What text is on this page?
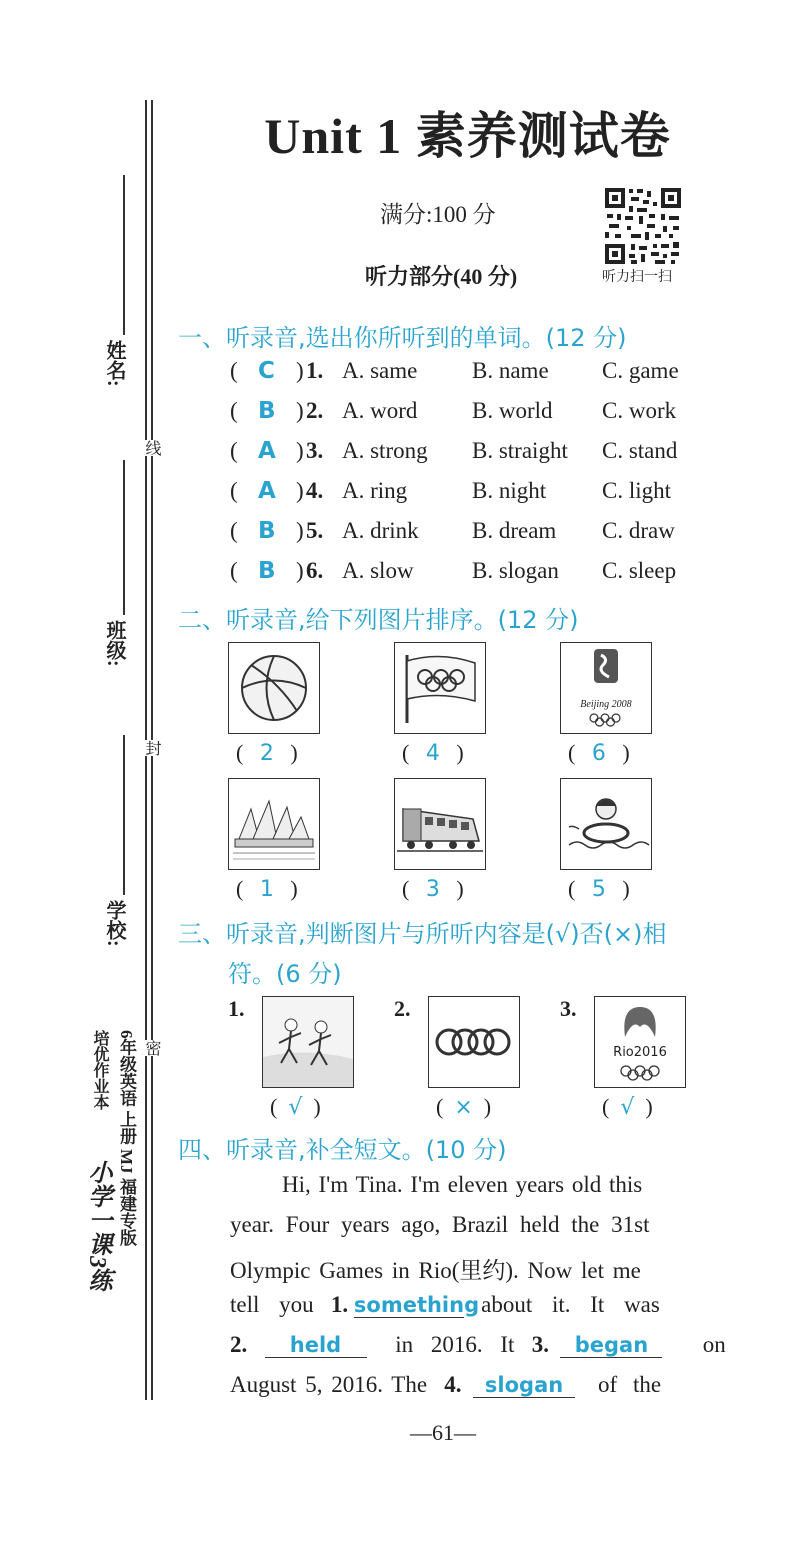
线
封
密
姓名:
班级:
学校:
6年级英语 上册 MJ 福建专版
培优作业本
小学一课3练
Unit 1 素养测试卷
满分:100 分
听力部分(40 分)	听力扫一扫
一、听录音,选出你所听到的单词。(12 分)
( C ) 1. A. same B. name C. game
( B ) 2. A. word B. world C. work
( A ) 3. A. strong B. straight C. stand
( A ) 4. A. ring	B. night C. light
( B ) 5. A. drink B. dream C. draw
( B ) 6. A. slow	B. slogan C. sleep
二、听录音,给下列图片排序。(12 分)
Beijing 2008
(   2   )	(   4   )	(   6   )
(   1   )	(   3   )	(   5   )
三、听录音,判断图片与所听内容是(√)否(×)相
符。(6 分)
1.
(  √  )
2.
(  ×  )
3.
Rio2016
(  √  )
四、听录音,补全短文。(10 分)
Hi, I'm Tina. I'm eleven years old this
year. Four years ago, Brazil held the 31st
Olympic Games in Rio(里约). Now let me
tell you 1. something   about it. It was
2. held in 2016. It 3. began on
August 5, 2016. The 4. slogan of the
—61—
